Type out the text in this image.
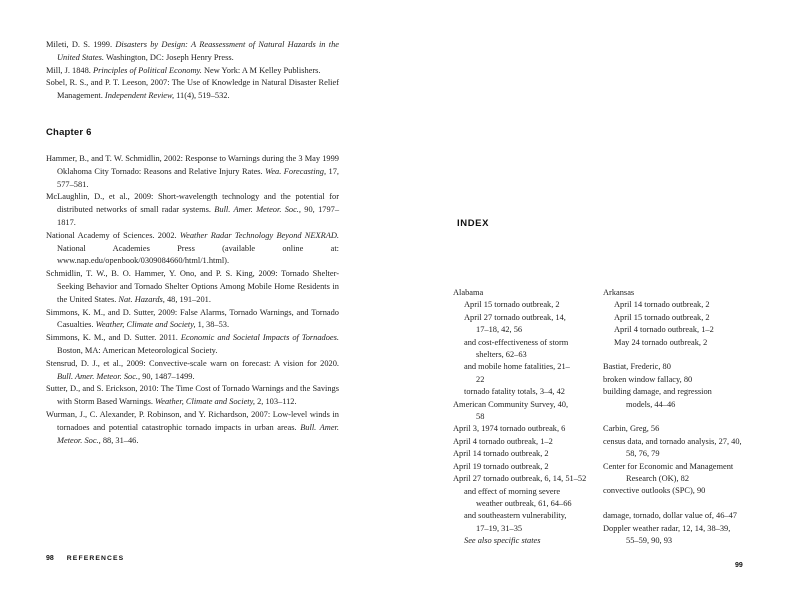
Mileti, D. S. 1999. Disasters by Design: A Reassessment of Natural Hazards in the United States. Washington, DC: Joseph Henry Press.

Mill, J. 1848. Principles of Political Economy. New York: A M Kelley Publishers.

Sobel, R. S., and P. T. Leeson, 2007: The Use of Knowledge in Natural Disaster Relief Management. Independent Review, 11(4), 519–532.

Chapter 6

Hammer, B., and T. W. Schmidlin, 2002: Response to Warnings during the 3 May 1999 Oklahoma City Tornado: Reasons and Relative Injury Rates. Wea. Forecasting, 17, 577–581.

McLaughlin, D., et al., 2009: Short-wavelength technology and the potential for distributed networks of small radar systems. Bull. Amer. Meteor. Soc., 90, 1797–1817.

National Academy of Sciences. 2002. Weather Radar Technology Beyond NEXRAD. National Academies Press (available online at: www.nap.edu/openbook/0309084660/html/1.html).

Schmidlin, T. W., B. O. Hammer, Y. Ono, and P. S. King, 2009: Tornado Shelter-Seeking Behavior and Tornado Shelter Options Among Mobile Home Residents in the United States. Nat. Hazards, 48, 191–201.

Simmons, K. M., and D. Sutter, 2009: False Alarms, Tornado Warnings, and Tornado Casualties. Weather, Climate and Society, 1, 38–53.

Simmons, K. M., and D. Sutter. 2011. Economic and Societal Impacts of Tornadoes. Boston, MA: American Meteorological Society.

Stensrud, D. J., et al., 2009: Convective-scale warn on forecast: A vision for 2020. Bull. Amer. Meteor. Soc., 90, 1487–1499.

Sutter, D., and S. Erickson, 2010: The Time Cost of Tornado Warnings and the Savings with Storm Based Warnings. Weather, Climate and Society, 2, 103–112.

Wurman, J., C. Alexander, P. Robinson, and Y. Richardson, 2007: Low-level winds in tornadoes and potential catastrophic tornado impacts in urban areas. Bull. Amer. Meteor. Soc., 88, 31–46.

98 REFERENCES
INDEX
Alabama
April 15 tornado outbreak, 2
April 27 tornado outbreak, 14,
17–18, 42, 56
and cost-effectiveness of storm
shelters, 62–63
and mobile home fatalities, 21–
22
tornado fatality totals, 3–4, 42
American Community Survey, 40,
58
April 3, 1974 tornado outbreak, 6
April 4 tornado outbreak, 1–2
April 14 tornado outbreak, 2
April 19 tornado outbreak, 2
April 27 tornado outbreak, 6, 14, 51–52
and effect of morning severe
weather outbreak, 61, 64–66
and southeastern vulnerability,
17–19, 31–35
See also specific states
Arkansas
April 14 tornado outbreak, 2
April 15 tornado outbreak, 2
April 4 tornado outbreak, 1–2
May 24 tornado outbreak, 2
Bastiat, Frederic, 80
broken window fallacy, 80
building damage, and regression
models, 44–46
Carbin, Greg, 56
census data, and tornado analysis, 27, 40,
58, 76, 79
Center for Economic and Management
Research (OK), 82
convective outlooks (SPC), 90
damage, tornado, dollar value of, 46–47
Doppler weather radar, 12, 14, 38–39,
55–59, 90, 93
99
